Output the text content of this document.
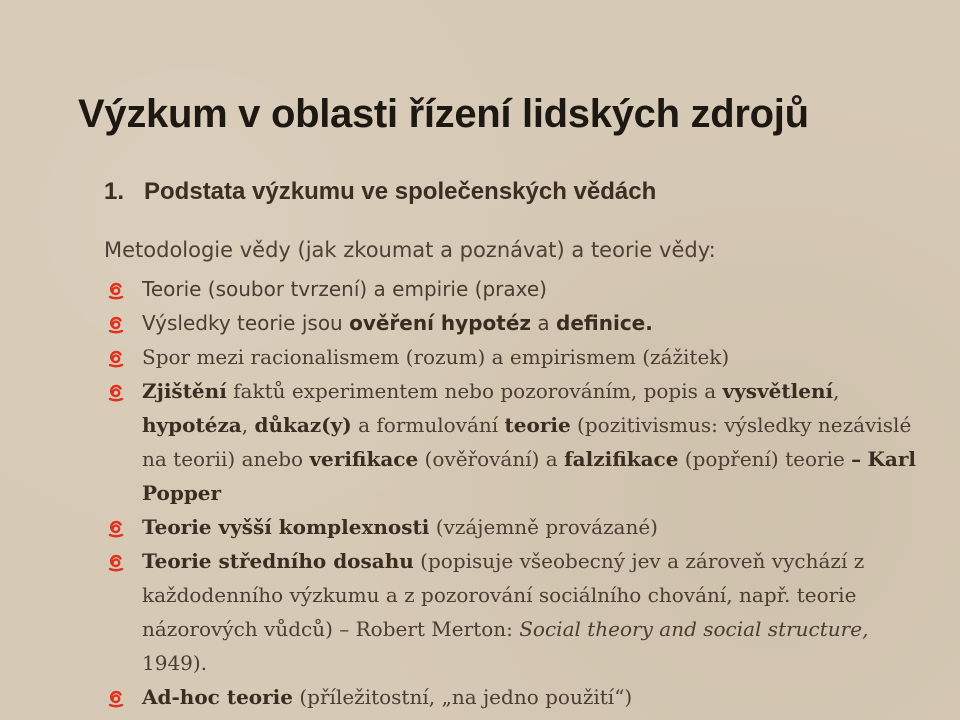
Výzkum v oblasti řízení lidských zdrojů
1. Podstata výzkumu ve společenských vědách
Metodologie vědy (jak zkoumat a poznávat) a teorie vědy:
Teorie (soubor tvrzení) a empirie (praxe)
Výsledky teorie jsou ověření hypotéz a definice.
Spor mezi racionalismem (rozum) a empirismem (zážitek)
Zjištění faktů experimentem nebo pozorováním, popis a vysvětlení, hypotéza, důkaz(y) a formulování teorie (pozitivismus: výsledky nezávislé na teorii) anebo verifikace (ověřování) a falzifikace (popření) teorie – Karl Popper
Teorie vyšší komplexnosti (vzájemně provázané)
Teorie středního dosahu (popisuje všeobecný jev a zároveň vychází z každodenního výzkumu a z pozorování sociálního chování, např. teorie názorových vůdců) – Robert Merton: Social theory and social structure, 1949).
Ad-hoc teorie (příležitostní, „na jedno použití“)
